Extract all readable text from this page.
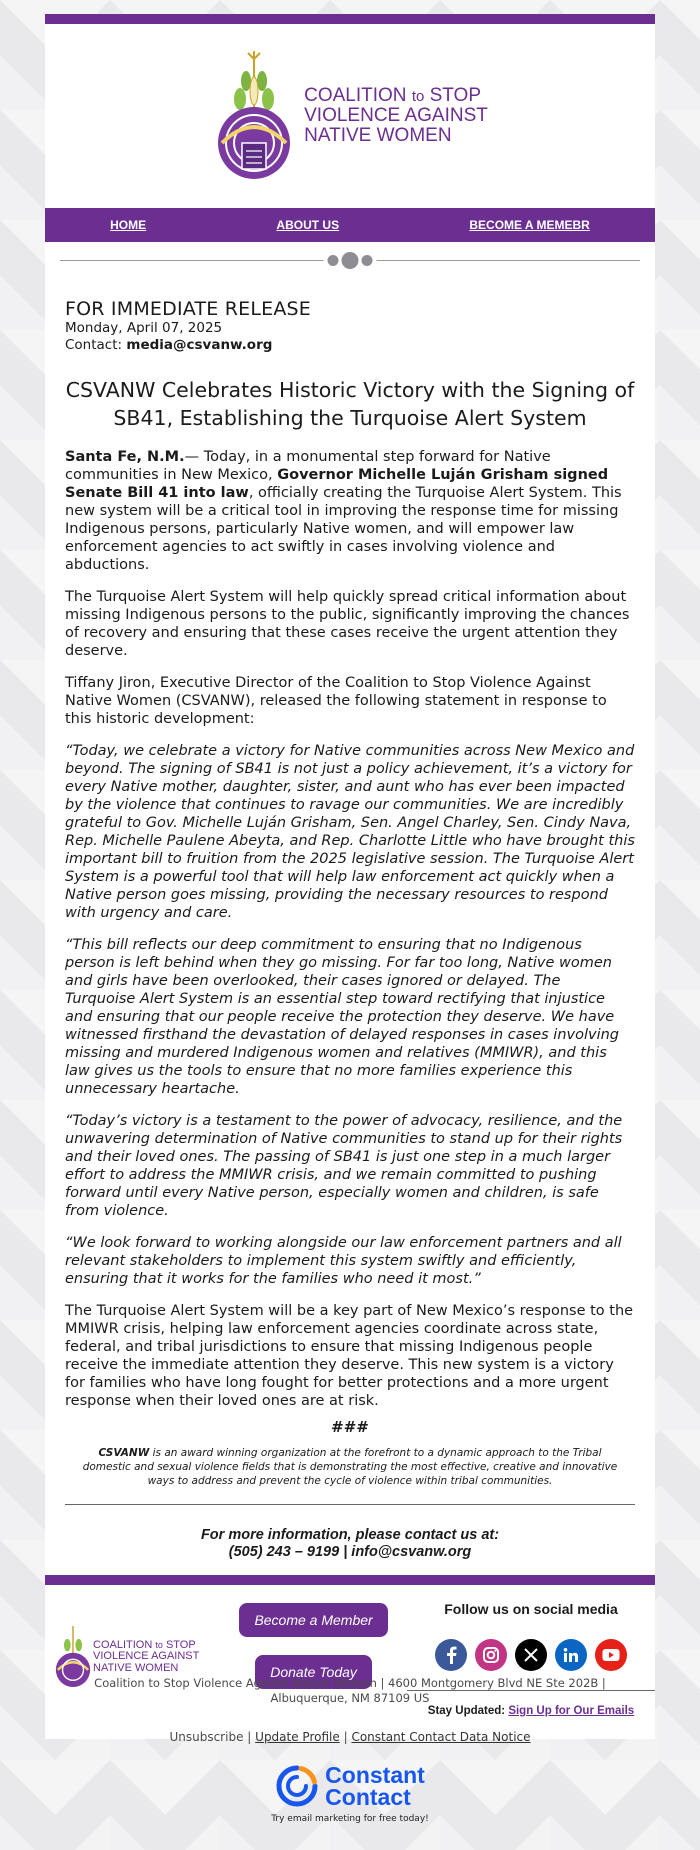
COALITION to STOP
VIOLENCE AGAINST
NATIVE WOMEN
HOME	ABOUT US	BECOME A MEMEBR
FOR IMMEDIATE RELEASE
Monday, April 07, 2025
Contact: media@csvanw.org
CSVANW Celebrates Historic Victory with the Signing of SB41, Establishing the Turquoise Alert System

Santa Fe, N.M.— Today, in a monumental step forward for Native communities in New Mexico, Governor Michelle Luján Grisham signed Senate Bill 41 into law, officially creating the Turquoise Alert System. This new system will be a critical tool in improving the response time for missing Indigenous persons, particularly Native women, and will empower law enforcement agencies to act swiftly in cases involving violence and abductions.

The Turquoise Alert System will help quickly spread critical information about missing Indigenous persons to the public, significantly improving the chances of recovery and ensuring that these cases receive the urgent attention they deserve.

Tiffany Jiron, Executive Director of the Coalition to Stop Violence Against Native Women (CSVANW), released the following statement in response to this historic development:

“Today, we celebrate a victory for Native communities across New Mexico and beyond. The signing of SB41 is not just a policy achievement, it’s a victory for every Native mother, daughter, sister, and aunt who has ever been impacted by the violence that continues to ravage our communities. We are incredibly grateful to Gov. Michelle Luján Grisham, Sen. Angel Charley, Sen. Cindy Nava, Rep. Michelle Paulene Abeyta, and Rep. Charlotte Little who have brought this important bill to fruition from the 2025 legislative session. The Turquoise Alert System is a powerful tool that will help law enforcement act quickly when a Native person goes missing, providing the necessary resources to respond with urgency and care.

“This bill reflects our deep commitment to ensuring that no Indigenous person is left behind when they go missing. For far too long, Native women and girls have been overlooked, their cases ignored or delayed. The Turquoise Alert System is an essential step toward rectifying that injustice and ensuring that our people receive the protection they deserve. We have witnessed firsthand the devastation of delayed responses in cases involving missing and murdered Indigenous women and relatives (MMIWR), and this law gives us the tools to ensure that no more families experience this unnecessary heartache.

“Today’s victory is a testament to the power of advocacy, resilience, and the unwavering determination of Native communities to stand up for their rights and their loved ones. The passing of SB41 is just one step in a much larger effort to address the MMIWR crisis, and we remain committed to pushing forward until every Native person, especially women and children, is safe from violence.

“We look forward to working alongside our law enforcement partners and all relevant stakeholders to implement this system swiftly and efficiently, ensuring that it works for the families who need it most.”

The Turquoise Alert System will be a key part of New Mexico’s response to the MMIWR crisis, helping law enforcement agencies coordinate across state, federal, and tribal jurisdictions to ensure that missing Indigenous people receive the immediate attention they deserve. This new system is a victory for families who have long fought for better protections and a more urgent response when their loved ones are at risk.

###
CSVANW is an award winning organization at the forefront to a dynamic approach to the Tribal domestic and sexual violence fields that is demonstrating the most effective, creative and innovative ways to address and prevent the cycle of violence within tribal communities.
For more information, please contact us at:
(505) 243 – 9199 | info@csvanw.org
COALITION to STOP
VIOLENCE AGAINST
NATIVE WOMEN
Become a Member
Donate Today
Follow us on social media
Stay Updated: Sign Up for Our Emails
Coalition to Stop Violence Against Native Women | 4600 Montgomery Blvd NE Ste 202B | Albuquerque, NM 87109 US
Unsubscribe | Update Profile | Constant Contact Data Notice
Constant
Contact
Try email marketing for free today!
